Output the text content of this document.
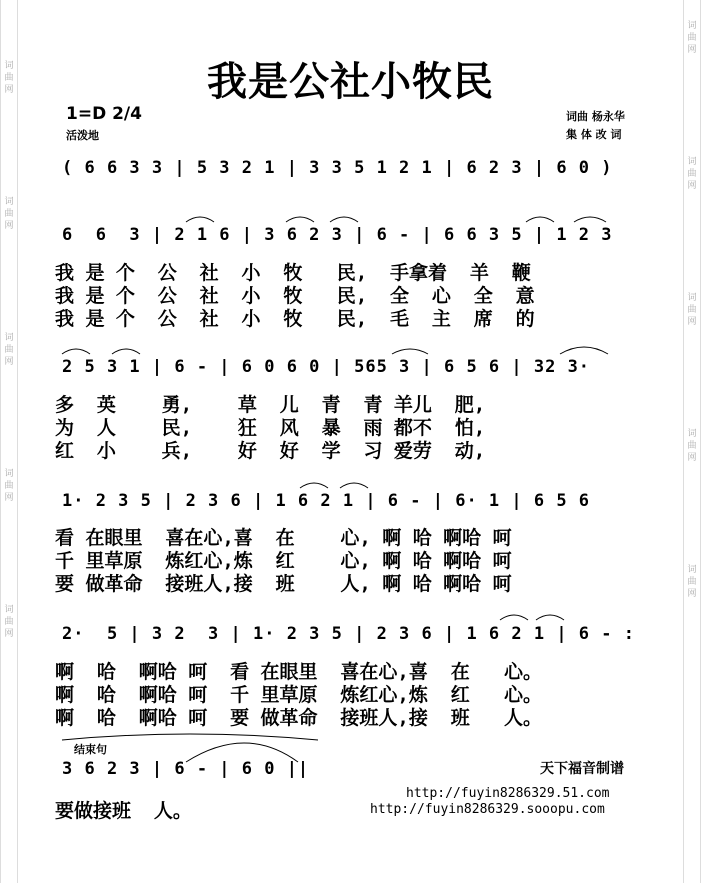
词曲网
词曲网
词曲网
词曲网
词曲网
词曲网
词曲网
词曲网
词曲网
词曲网
我是公社小牧民
1=D 2/4
活泼地
词曲 杨永华
集 体 改 词
( 6 6 3 3 | 5 3 2 1 | 3 3 5 1 2 1 | 6 2 3 | 6 0 )
6  6  3 | 2 1 6 | 3 6 2 3 | 6 - | 6 6 3 5 | 1 2 3
我 是 个  公  社  小  牧   民,  手拿着  羊  鞭
我 是 个  公  社  小  牧   民,  全  心  全  意
我 是 个  公  社  小  牧   民,  毛  主  席  的
2 5 3 1 | 6 - | 6 0 6 0 | 565 3 | 6 5 6 | 32 3·
多  英    勇,    草  儿  青  青 羊儿  肥,
为  人    民,    狂  风  暴  雨 都不  怕,
红  小    兵,    好  好  学  习 爱劳  动,
1· 2 3 5 | 2 3 6 | 1 6 2 1 | 6 - | 6· 1 | 6 5 6
看 在眼里  喜在心,喜  在    心, 啊 哈 啊哈 呵
千 里草原  炼红心,炼  红    心, 啊 哈 啊哈 呵
要 做革命  接班人,接  班    人, 啊 哈 啊哈 呵
2·  5 | 3 2  3 | 1· 2 3 5 | 2 3 6 | 1 6 2 1 | 6 - :
啊  哈  啊哈 呵  看 在眼里  喜在心,喜  在   心。
啊  哈  啊哈 呵  千 里草原  炼红心,炼  红   心。
啊  哈  啊哈 呵  要 做革命  接班人,接  班   人。
结束句
3 6 2 3 | 6 - | 6 0 ||
要做接班  人。
天下福音制谱
http://fuyin8286329.51.com
http://fuyin8286329.sooopu.com
